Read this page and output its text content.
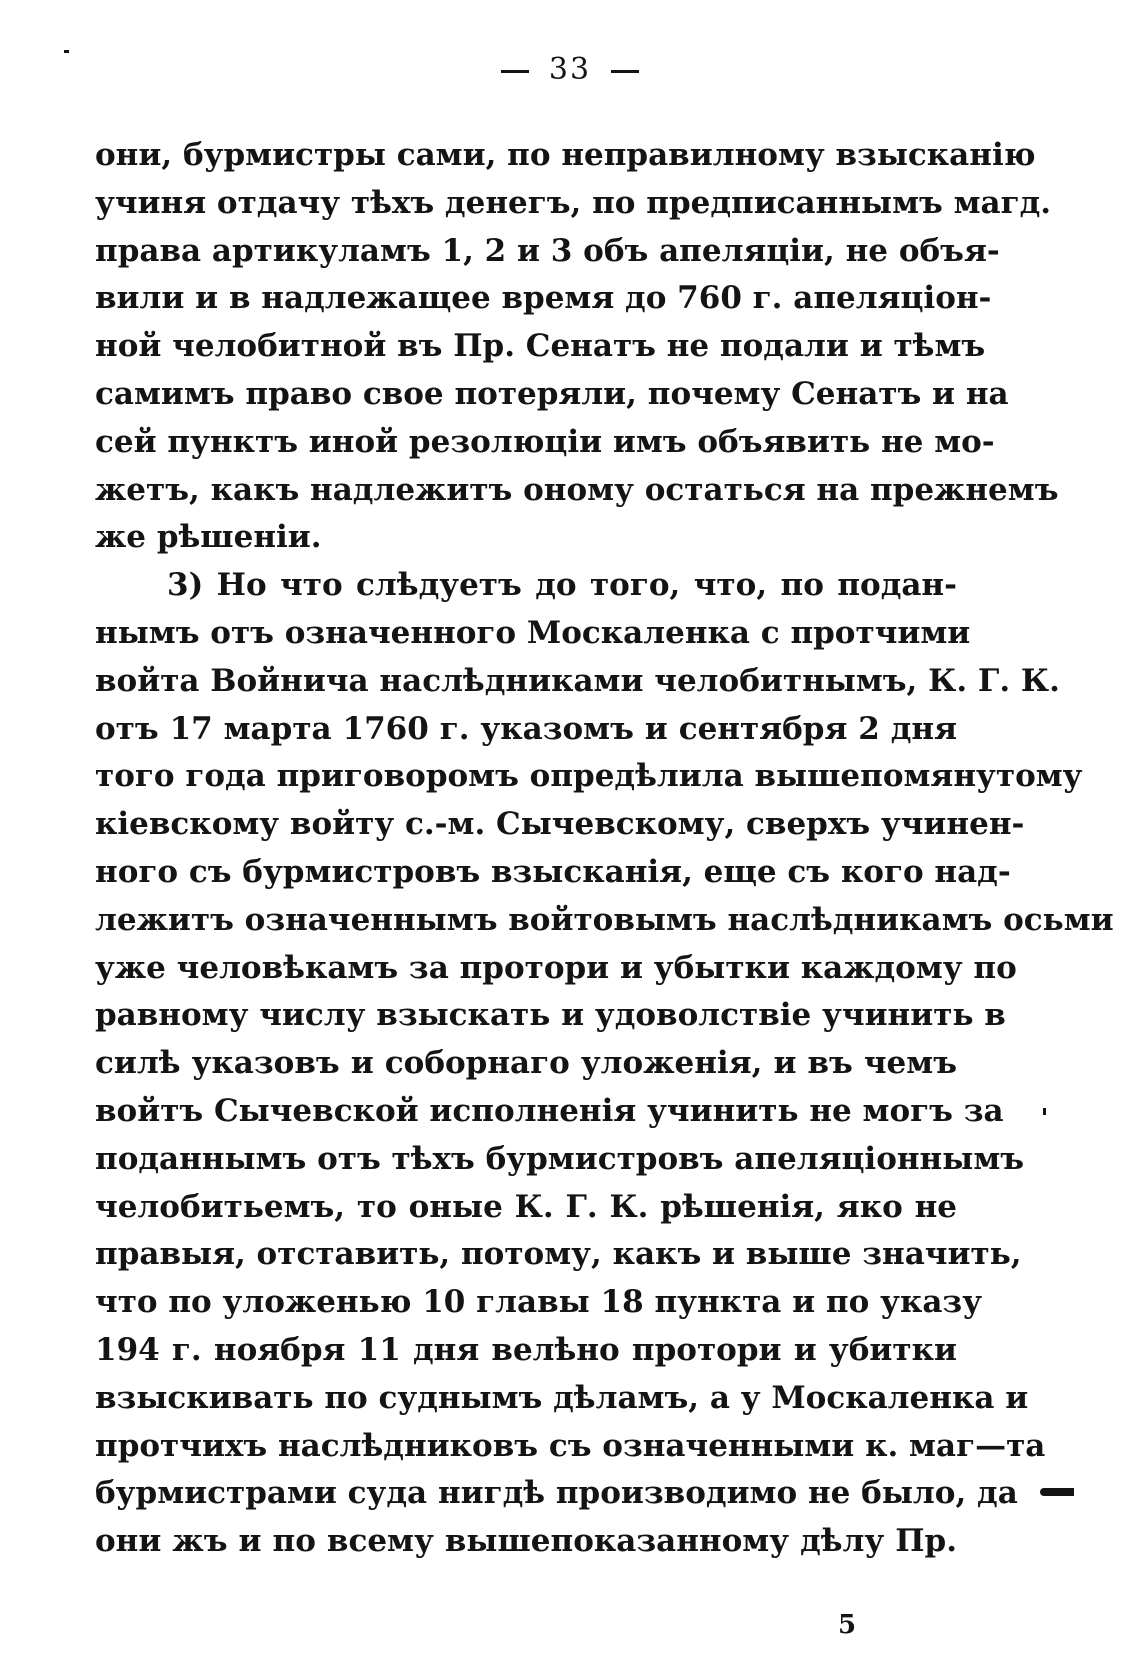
33
они, бурмистры сами, по неправилному взысканію
учиня отдачу тѣхъ денегъ, по предписаннымъ магд.
права артикуламъ 1, 2 и 3 объ апеляціи, не объя-
вили и в надлежащее время до 760 г. апеляціон-
ной челобитной въ Пр. Сенатъ не подали и тѣмъ
самимъ право свое потеряли, почему Сенатъ и на
сей пунктъ иной резолюціи имъ объявить не мо-
жетъ, какъ надлежитъ оному остаться на прежнемъ
же рѣшеніи.
3) Но что слѣдуетъ до того, что, по подан-
нымъ отъ означенного Москаленка с протчими
войта Войнича наслѣдниками челобитнымъ, К. Г. К.
отъ 17 марта 1760 г. указомъ и сентября 2 дня
того года приговоромъ опредѣлила вышепомянутому
кіевскому войту с.-м. Сычевскому, сверхъ учинен-
ного съ бурмистровъ взысканія, еще съ кого над-
лежитъ означеннымъ войтовымъ наслѣдникамъ осьми
уже человѣкамъ за протори и убытки каждому по
равному числу взыскать и удоволствіе учинить в
силѣ указовъ и соборнаго уложенія, и въ чемъ
войтъ Сычевской исполненія учинить не могъ за
поданнымъ отъ тѣхъ бурмистровъ апеляціоннымъ
челобитьемъ, то оные К. Г. К. рѣшенія, яко не
правыя, отставить, потому, какъ и выше значить,
что по уложенью 10 главы 18 пункта и по указу
194 г. ноября 11 дня велѣно протори и убитки
взыскивать по суднымъ дѣламъ, а у Москаленка и
протчихъ наслѣдниковъ съ означенными к. маг—та
бурмистрами суда нигдѣ производимо не было, да
они жъ и по всему вышепоказанному дѣлу Пр.
5
